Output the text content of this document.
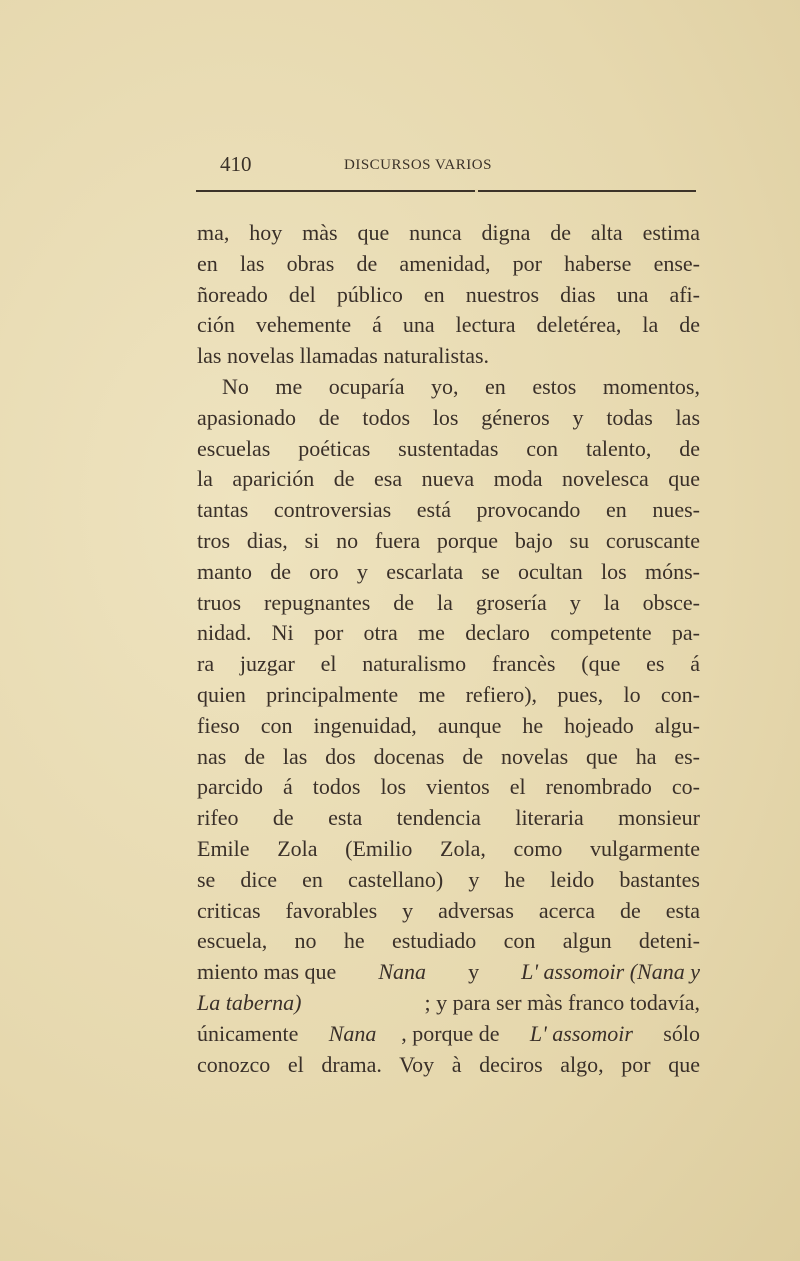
410	DISCURSOS VARIOS
ma, hoy màs que nunca digna de alta estima
en las obras de amenidad, por haberse ense-
ñoreado del público en nuestros dias una afi-
ción vehemente á una lectura deletérea, la de
las novelas llamadas naturalistas.
No me ocuparía yo, en estos momentos,
apasionado de todos los géneros y todas las
escuelas poéticas sustentadas con talento, de
la aparición de esa nueva moda novelesca que
tantas controversias está provocando en nues-
tros dias, si no fuera porque bajo su coruscante
manto de oro y escarlata se ocultan los móns-
truos repugnantes de la grosería y la obsce-
nidad. Ni por otra me declaro competente pa-
ra juzgar el naturalismo francès (que es á
quien principalmente me refiero), pues, lo con-
fieso con ingenuidad, aunque he hojeado algu-
nas de las dos docenas de novelas que ha es-
parcido á todos los vientos el renombrado co-
rifeo de esta tendencia literaria monsieur
Emile Zola (Emilio Zola, como vulgarmente
se dice en castellano) y he leido bastantes
criticas favorables y adversas acerca de esta
escuela, no he estudiado con algun deteni-
miento mas que Nana y L' assomoir (Nana y
La taberna)	; y para ser màs franco todavía,
únicamente Nana , porque de L' assomoir sólo
conozco el drama. Voy à deciros algo, por que
